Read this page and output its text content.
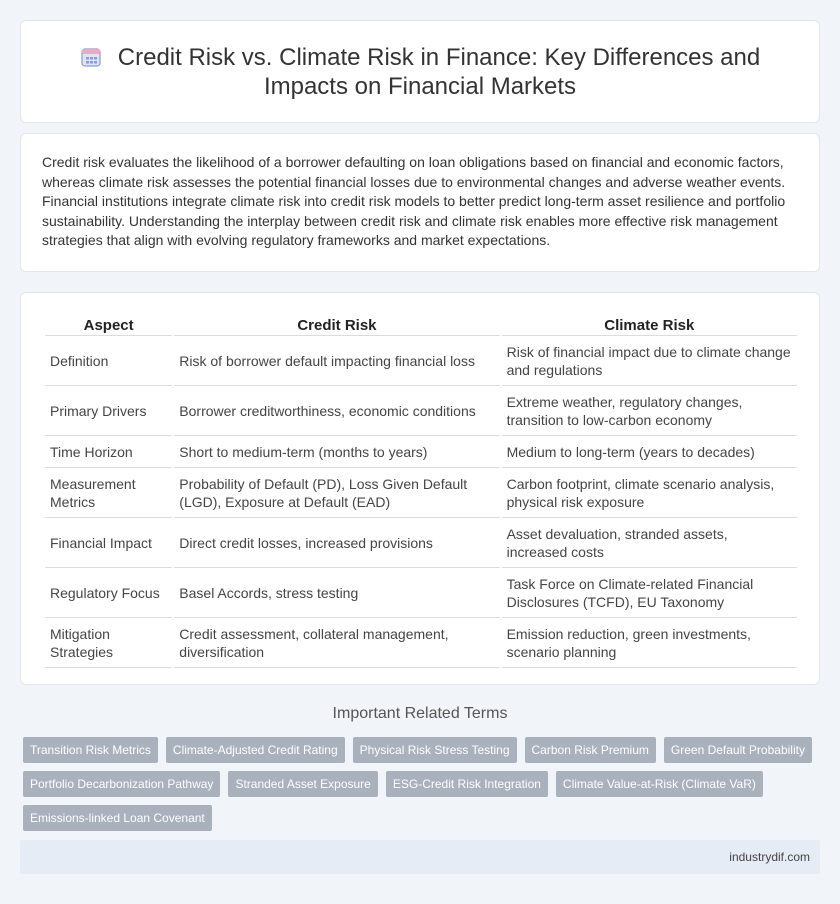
Credit Risk vs. Climate Risk in Finance: Key Differences and Impacts on Financial Markets
Credit risk evaluates the likelihood of a borrower defaulting on loan obligations based on financial and economic factors, whereas climate risk assesses the potential financial losses due to environmental changes and adverse weather events. Financial institutions integrate climate risk into credit risk models to better predict long-term asset resilience and portfolio sustainability. Understanding the interplay between credit risk and climate risk enables more effective risk management strategies that align with evolving regulatory frameworks and market expectations.
Aspect	Credit Risk	Climate Risk
Definition	Risk of borrower default impacting financial loss	Risk of financial impact due to climate change and regulations
Primary Drivers	Borrower creditworthiness, economic conditions	Extreme weather, regulatory changes, transition to low-carbon economy
Time Horizon	Short to medium-term (months to years)	Medium to long-term (years to decades)
Measurement Metrics	Probability of Default (PD), Loss Given Default (LGD), Exposure at Default (EAD)	Carbon footprint, climate scenario analysis, physical risk exposure
Financial Impact	Direct credit losses, increased provisions	Asset devaluation, stranded assets, increased costs
Regulatory Focus	Basel Accords, stress testing	Task Force on Climate-related Financial Disclosures (TCFD), EU Taxonomy
Mitigation Strategies	Credit assessment, collateral management, diversification	Emission reduction, green investments, scenario planning
Important Related Terms
Transition Risk Metrics	Climate-Adjusted Credit Rating	Physical Risk Stress Testing	Carbon Risk Premium	Green Default Probability
Portfolio Decarbonization Pathway	Stranded Asset Exposure	ESG-Credit Risk Integration	Climate Value-at-Risk (Climate VaR)
Emissions-linked Loan Covenant
industrydif.com
